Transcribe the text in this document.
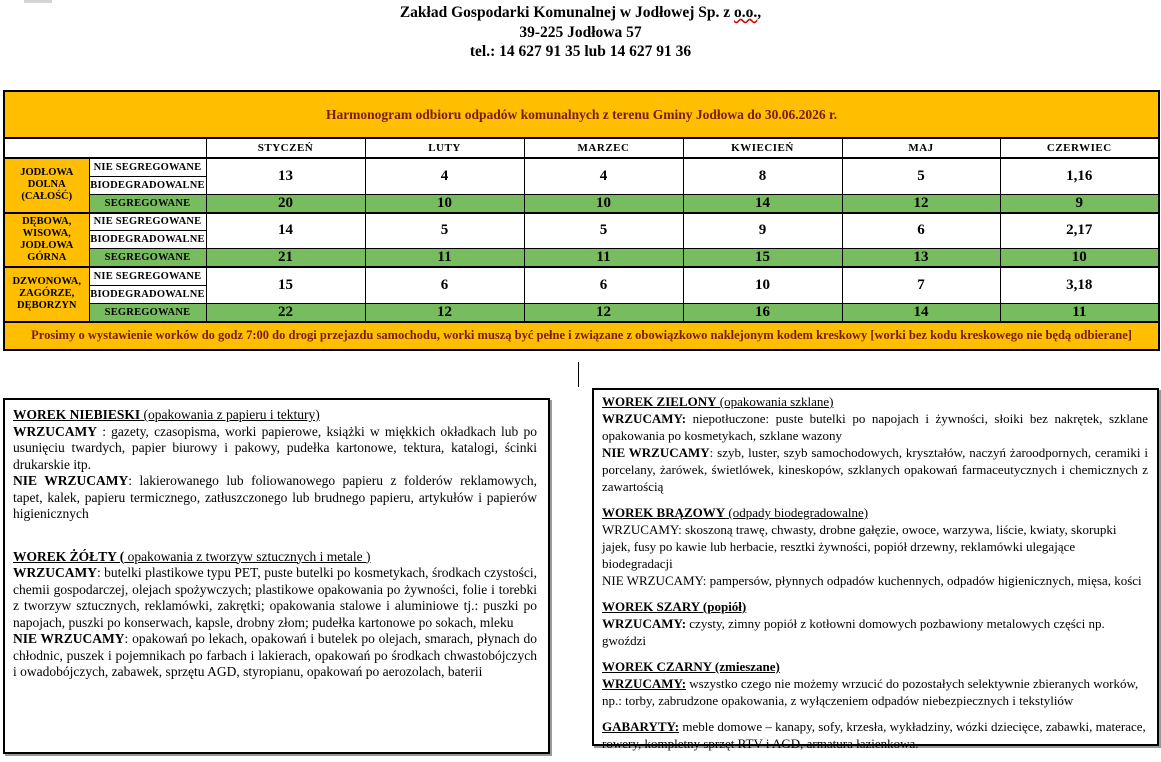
Zakład Gospodarki Komunalnej w Jodłowej Sp. z o.o.,
39-225 Jodłowa 57
tel.: 14 627 91 35 lub 14 627 91 36
Harmonogram odbioru odpadów komunalnych z terenu Gminy Jodłowa do 30.06.2026 r.							
		STYCZEŃ	LUTY	MARZEC	KWIECIEŃ	MAJ	CZERWIEC
JODŁOWA DOLNA (CAŁOŚĆ)	NIE SEGREGOWANE	13	4	4	8	5	1,16
	BIODEGRADOWALNE						
	SEGREGOWANE	20	10	10	14	12	9
DĘBOWA, WISOWA, JODŁOWA GÓRNA	NIE SEGREGOWANE	14	5	5	9	6	2,17
	BIODEGRADOWALNE						
	SEGREGOWANE	21	11	11	15	13	10
DZWONOWA, ZAGÓRZE, DĘBORZYN	NIE SEGREGOWANE	15	6	6	10	7	3,18
	BIODEGRADOWALNE						
	SEGREGOWANE	22	12	12	16	14	11
Prosimy o wystawienie worków do godz 7:00 do drogi przejazdu samochodu, worki muszą być pełne i związane z obowiązkowo naklejonym kodem kreskowy [worki bez kodu kreskowego nie będą odbierane]							

WOREK NIEBIESKI (opakowania z papieru i tektury)

WRZUCAMY : gazety, czasopisma, worki papierowe, książki w miękkich okładkach lub po usunięciu twardych, papier biurowy i pakowy, pudełka kartonowe, tektura, katalogi, ścinki drukarskie itp.

NIE WRZUCAMY: lakierowanego lub foliowanowego papieru z folderów reklamowych, tapet, kalek, papieru termicznego, zatłuszczonego lub brudnego papieru, artykułów i papierów higienicznych

WOREK ŻÓŁTY ( opakowania z tworzyw sztucznych i metale )

WRZUCAMY: butelki plastikowe typu PET, puste butelki po kosmetykach, środkach czystości, chemii gospodarczej, olejach spożywczych; plastikowe opakowania po żywności, folie i torebki z tworzyw sztucznych, reklamówki, zakrętki; opakowania stalowe i aluminiowe tj.: puszki po napojach, puszki po konserwach, kapsle, drobny złom; pudełka kartonowe po sokach, mleku

NIE WRZUCAMY: opakowań po lekach, opakowań i butelek po olejach, smarach, płynach do chłodnic, puszek i pojemnikach po farbach i lakierach, opakowań po środkach chwastobójczych i owadobójczych, zabawek, sprzętu AGD, styropianu, opakowań po aerozolach, baterii

WOREK ZIELONY (opakowania szklane)

WRZUCAMY: niepotłuczone: puste butelki po napojach i żywności, słoiki bez nakrętek, szklane opakowania po kosmetykach, szklane wazony

NIE WRZUCAMY: szyb, luster, szyb samochodowych, kryształów, naczyń żaroodpornych, ceramiki i porcelany, żarówek, świetlówek, kineskopów, szklanych opakowań farmaceutycznych i chemicznych z zawartością

WOREK BRĄZOWY (odpady biodegradowalne)

WRZUCAMY: skoszoną trawę, chwasty, drobne gałęzie, owoce, warzywa, liście, kwiaty, skorupki jajek, fusy po kawie lub herbacie, resztki żywności, popiół drzewny, reklamówki ulegające biodegradacji

NIE WRZUCAMY: pampersów, płynnych odpadów kuchennych, odpadów higienicznych, mięsa, kości

WOREK SZARY (popiół)

WRZUCAMY: czysty, zimny popiół z kotłowni domowych pozbawiony metalowych części np. gwoździ

WOREK CZARNY (zmieszane)

WRZUCAMY: wszystko czego nie możemy wrzucić do pozostałych selektywnie zbieranych worków, np.: torby, zabrudzone opakowania, z wyłączeniem odpadów niebezpiecznych i tekstyliów

GABARYTY: meble domowe – kanapy, sofy, krzesła, wykładziny, wózki dziecięce, zabawki, materace, rowery, kompletny sprzęt RTV i AGD, armatura łazienkowa.
